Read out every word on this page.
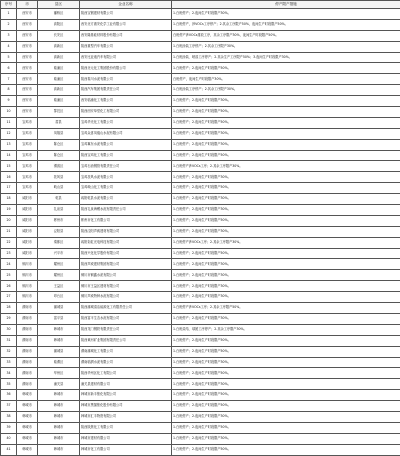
序号	市	县区	企业名称	停产限产措施
1	西安市	灞桥区	陕西宝钢建材有限公司	1.白班停产；2.夜间生产时段限产30%。
2	西安市	高陵区	西安北方惠安化学工业有限公司	1.白班停产，涉VOCs工序停产；2.其余工序限产50%，夜间生产时段限产50%。
3	西安市	长安区	西安隆基硅材料股份有限公司	白班停产涉VOCs排放工序，其余工序限产30%，夜间生产时段限产50%。
4	西安市	高新区	陕西重型汽车有限公司	1.白班涂装工序停产；2.其余工序限产30%。
5	西安市	高新区	西安比亚迪汽车有限公司	1.白班涂装、喷漆工序停产；2.其余生产工序限产50%；3.夜间生产时段限产30%。
6	西安市	临潼区	陕西北元化工集团股份有限公司	1.白班停产；2.夜间生产时段限产50%。
7	西安市	临潼区	陕西秦川水泥有限公司	白班停产，夜间生产时段限产30%。
8	西安市	高新区	陕西汽车集团有限责任公司	1.白班涂装工序停产；2.其余工序限产30%。
9	西安市	临潼区	西安临潼化工有限公司	1.白班停产；2.夜间生产时段限产30%。
10	西安市	鄠邑区	陕西西安草堂化工有限公司	1.白班停产；2.夜间生产时段限产50%。
11	宝鸡市	眉县	宝鸡华光化工有限公司	1.白班停产；2.夜间生产时段限产50%。
12	宝鸡市	凤翔县	宝鸡众喜凤凰山水泥有限公司	1.白班停产；2.夜间生产时段限产30%。
13	宝鸡市	陈仓区	宝鸡冀东水泥有限公司	1.白班停产；2.夜间生产时段限产30%。
14	宝鸡市	陈仓区	陕西宝鸡化工有限公司	1.白班停产；2.夜间生产时段限产50%。
15	宝鸡市	渭滨区	宝鸡石油钢管有限责任公司	1.白班停产涉VOCs工序；2.其余工序限产30%。
16	宝鸡市	扶风县	宝鸡扶风水泥有限公司	1.白班停产；2.夜间生产时段限产30%。
17	宝鸡市	岐山县	宝鸡岐山化工有限公司	1.白班停产；2.夜间生产时段限产50%。
18	咸阳市	乾县	咸阳乾县水泥有限公司	1.白班停产；2.夜间生产时段限产30%。
19	咸阳市	礼泉县	陕西礼泉海螺水泥有限责任公司	1.白班停产；2.夜间生产时段限产30%。
20	咸阳市	彬州市	彬州市化工有限公司	1.白班停产；2.夜间生产时段限产50%。
21	咸阳市	泾阳县	陕西泾阳声威建材有限公司	1.白班停产；2.夜间生产时段限产30%。
22	咸阳市	秦都区	咸阳彩虹光电科技有限公司	1.白班停产涉VOCs工序；2.其余工序限产30%。
23	咸阳市	兴平市	陕西兴化化学股份有限公司	1.白班停产；2.夜间生产时段限产50%。
24	铜川市	耀州区	陕西声威建材集团有限公司	1.白班停产；2.夜间生产时段限产30%。
25	铜川市	耀州区	铜川市铜鑫水泥有限公司	1.白班停产；2.夜间生产时段限产30%。
26	铜川市	王益区	铜川市王益区建材有限公司	1.白班停产；2.夜间生产时段限产30%。
27	铜川市	印台区	铜川声威特种水泥有限公司	1.白班停产；2.夜间生产时段限产30%。
28	渭南市	蒲城县	陕西蒲城清洁能源化工有限责任公司	1.白班停产涉VOCs工序；2.其余工序限产50%。
29	渭南市	富平县	陕西富平生态水泥有限公司	1.白班停产；2.夜间生产时段限产30%。
30	渭南市	韩城市	陕西龙门钢铁有限责任公司	1.白班烧结、球团工序停产；2.其余工序限产30%。
31	渭南市	韩城市	陕西黄河矿业集团有限责任公司	1.白班停产；2.夜间生产时段限产50%。
32	渭南市	蒲城县	渭南蒲城化工有限公司	1.白班停产；2.夜间生产时段限产50%。
33	渭南市	临渭区	渭南临渭水泥有限公司	1.白班停产；2.夜间生产时段限产30%。
34	渭南市	华州区	陕西华州区化工有限公司	1.白班停产；2.夜间生产时段限产50%。
35	渭南市	潼关县	潼关县建材有限公司	1.白班停产；2.夜间生产时段限产30%。
36	韩城市	韩城市	韩城市新丰焦化有限公司	1.白班停产；2.夜间生产时段限产50%。
37	韩城市	韩城市	韩城市黑猫焦化股份有限公司	1.白班停产；2.夜间生产时段限产50%。
38	韩城市	韩城市	韩城市汇丰物资有限公司	1.白班停产；2.夜间生产时段限产30%。
39	韩城市	韩城市	陕西陕焦化工有限公司	1.白班停产；2.夜间生产时段限产50%。
40	韩城市	韩城市	韩城市建材有限公司	1.白班停产；2.夜间生产时段限产30%。
41	韩城市	韩城市	韩城市化工有限公司	1.白班停产；2.夜间生产时段限产50%。
